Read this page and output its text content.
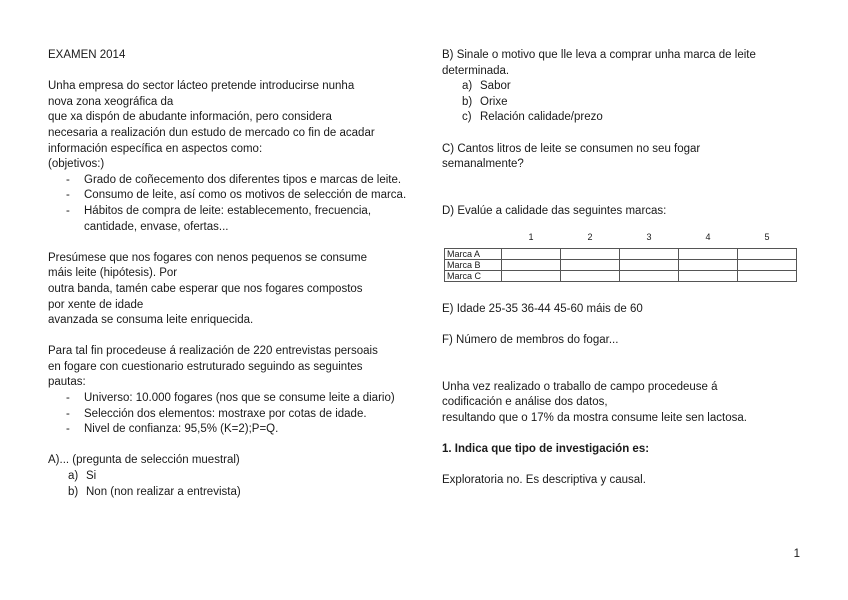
EXAMEN 2014

Unha empresa do sector lácteo pretende introducirse nunha

nova zona xeográfica da

que xa dispón de abudante información, pero considera

necesaria a realización dun estudo de mercado co fin de acadar

información específica en aspectos como:

(objetivos:)

- Grado de coñecemento dos diferentes tipos e marcas de leite.
- Consumo de leite, así como os motivos de selección de marca.
- Hábitos de compra de leite: establecemento, frecuencia, cantidade, envase, ofertas...

Presúmese que nos fogares con nenos pequenos se consume

máis leite (hipótesis). Por

outra banda, tamén cabe esperar que nos fogares compostos

por xente de idade

avanzada se consuma leite enriquecida.

Para tal fin procedeuse á realización de 220 entrevistas persoais

en fogare con cuestionario estruturado seguindo as seguintes

pautas:

- Universo: 10.000 fogares (nos que se consume leite a diario)
- Selección dos elementos: mostraxe por cotas de idade.
- Nivel de confianza: 95,5% (K=2);P=Q.

A)... (pregunta de selección muestral)

a) Si
b) Non (non realizar a entrevista)

B) Sinale o motivo que lle leva a comprar unha marca de leite

determinada.

a) Sabor
b) Orixe
c) Relación calidade/prezo

C) Cantos litros de leite se consumen no seu fogar

semanalmente?

D) Evalúe a calidade das seguintes marcas:

	1	2	3	4	5
Marca A					
Marca B					
Marca C					

E) Idade 25-35 36-44 45-60 máis de 60

F) Número de membros do fogar...

Unha vez realizado o traballo de campo procedeuse á

codificación e análise dos datos,

resultando que o 17% da mostra consume leite sen lactosa.

1. Indica que tipo de investigación es:

Exploratoria no. Es descriptiva y causal.

1
